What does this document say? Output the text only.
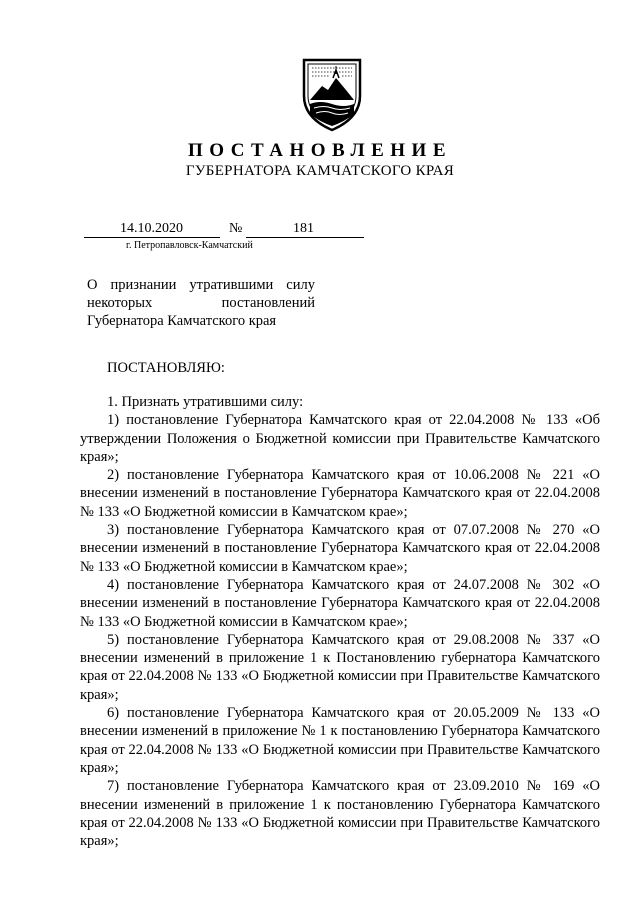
ПОСТАНОВЛЕНИЕ
ГУБЕРНАТОРА КАМЧАТСКОГО КРАЯ
14.10.2020	№	181
г. Петропавловск-Камчатский
О признании утратившими силу
некоторых постановлений
Губернатора Камчатского края
ПОСТАНОВЛЯЮ:

1. Признать утратившими силу:

1) постановление Губернатора Камчатского края от 22.04.2008 № 133 «Об утверждении Положения о Бюджетной комиссии при Правительстве Камчатского края»;

2) постановление Губернатора Камчатского края от 10.06.2008 № 221 «О внесении изменений в постановление Губернатора Камчатского края от 22.04.2008 № 133 «О Бюджетной комиссии в Камчатском крае»;

3) постановление Губернатора Камчатского края от 07.07.2008 № 270 «О внесении изменений в постановление Губернатора Камчатского края от 22.04.2008 № 133 «О Бюджетной комиссии в Камчатском крае»;

4) постановление Губернатора Камчатского края от 24.07.2008 № 302 «О внесении изменений в постановление Губернатора Камчатского края от 22.04.2008 № 133 «О Бюджетной комиссии в Камчатском крае»;

5) постановление Губернатора Камчатского края от 29.08.2008 № 337 «О внесении изменений в приложение 1 к Постановлению губернатора Камчатского края от 22.04.2008 № 133 «О Бюджетной комиссии при Правительстве Камчатского края»;

6) постановление Губернатора Камчатского края от 20.05.2009 № 133 «О внесении изменений в приложение № 1 к постановлению Губернатора Камчатского края от 22.04.2008 № 133 «О Бюджетной комиссии при Правительстве Камчатского края»;

7) постановление Губернатора Камчатского края от 23.09.2010 № 169 «О внесении изменений в приложение 1 к постановлению Губернатора Камчатского края от 22.04.2008 № 133 «О Бюджетной комиссии при Правительстве Камчатского края»;
